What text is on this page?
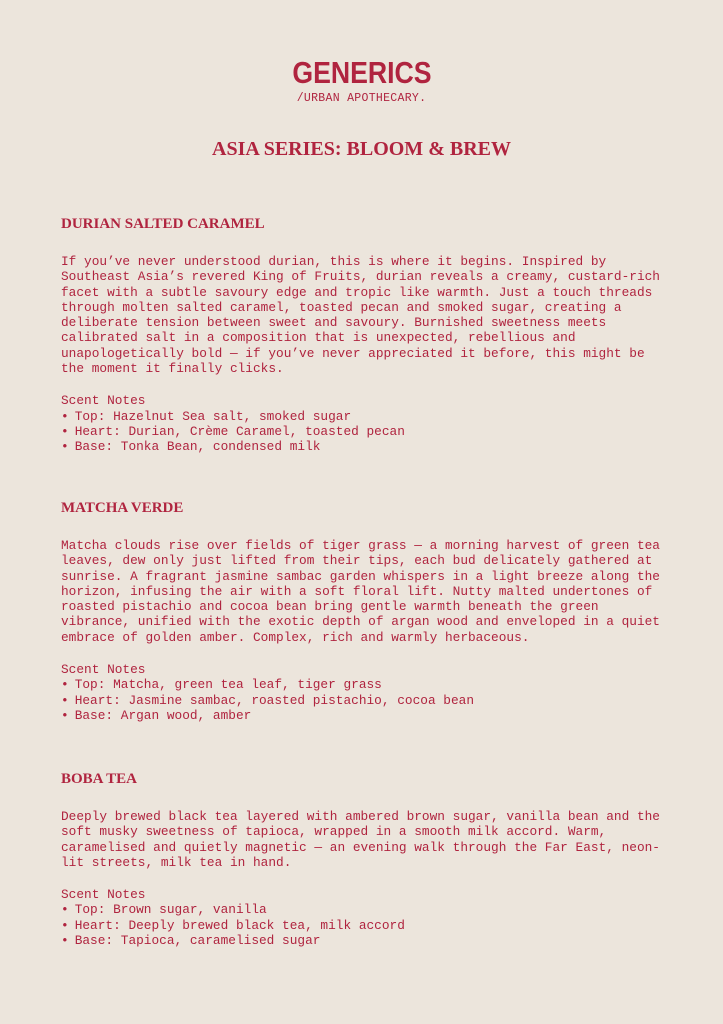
GENERICS
/URBAN APOTHECARY.
ASIA SERIES: BLOOM & BREW
DURIAN SALTED CARAMEL

If you’ve never understood durian, this is where it begins. Inspired by Southeast Asia’s revered King of Fruits, durian reveals a creamy, custard-rich facet with a subtle savoury edge and tropic like warmth. Just a touch threads through molten salted caramel, toasted pecan and smoked sugar, creating a deliberate tension between sweet and savoury. Burnished sweetness meets calibrated salt in a composition that is unexpected, rebellious and unapologetically bold — if you’ve never appreciated it before, this might be the moment it finally clicks.

Scent Notes
• Top: Hazelnut Sea salt, smoked sugar
• Heart: Durian, Crème Caramel, toasted pecan
• Base: Tonka Bean, condensed milk
MATCHA VERDE

Matcha clouds rise over fields of tiger grass — a morning harvest of green tea leaves, dew only just lifted from their tips, each bud delicately gathered at sunrise. A fragrant jasmine sambac garden whispers in a light breeze along the horizon, infusing the air with a soft floral lift. Nutty malted undertones of roasted pistachio and cocoa bean bring gentle warmth beneath the green vibrance, unified with the exotic depth of argan wood and enveloped in a quiet embrace of golden amber. Complex, rich and warmly herbaceous.

Scent Notes
• Top: Matcha, green tea leaf, tiger grass
• Heart: Jasmine sambac, roasted pistachio, cocoa bean
• Base: Argan wood, amber
BOBA TEA

Deeply brewed black tea layered with ambered brown sugar, vanilla bean and the soft musky sweetness of tapioca, wrapped in a smooth milk accord. Warm, caramelised and quietly magnetic — an evening walk through the Far East, neon-lit streets, milk tea in hand.

Scent Notes
• Top: Brown sugar, vanilla
• Heart: Deeply brewed black tea, milk accord
• Base: Tapioca, caramelised sugar
